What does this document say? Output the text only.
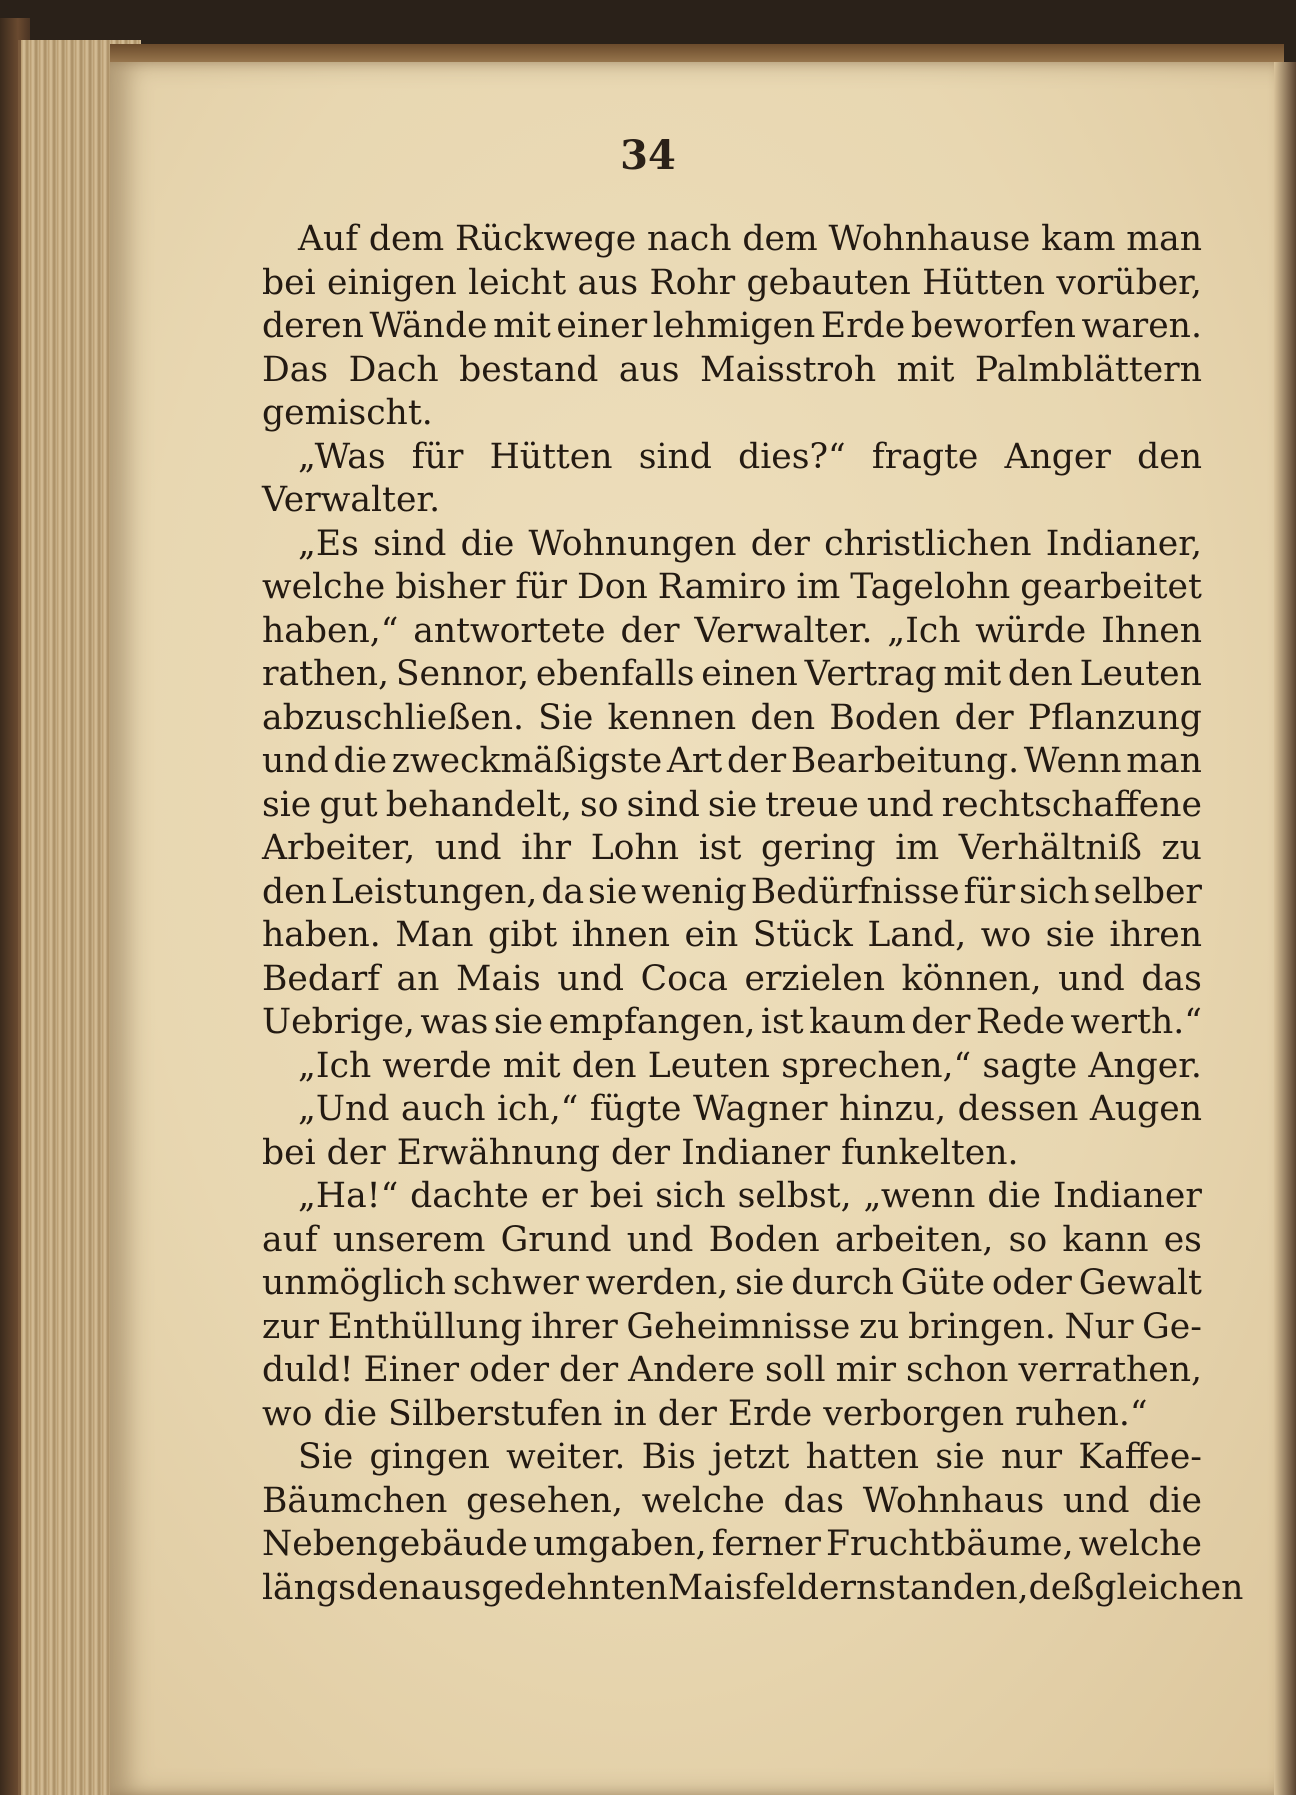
34
Auf dem Rückwege nach dem Wohnhause kam man
bei einigen leicht aus Rohr gebauten Hütten vorüber,
deren Wände mit einer lehmigen Erde beworfen waren.
Das Dach bestand aus Maisstroh mit Palmblättern
gemischt.
„Was für Hütten sind dies?“ fragte Anger den
Verwalter.
„Es sind die Wohnungen der christlichen Indianer,
welche bisher für Don Ramiro im Tagelohn gearbeitet
haben,“ antwortete der Verwalter. „Ich würde Ihnen
rathen, Sennor, ebenfalls einen Vertrag mit den Leuten
abzuschließen. Sie kennen den Boden der Pflanzung
und die zweckmäßigste Art der Bearbeitung. Wenn man
sie gut behandelt, so sind sie treue und rechtschaffene
Arbeiter, und ihr Lohn ist gering im Verhältniß zu
den Leistungen, da sie wenig Bedürfnisse für sich selber
haben. Man gibt ihnen ein Stück Land, wo sie ihren
Bedarf an Mais und Coca erzielen können, und das
Uebrige, was sie empfangen, ist kaum der Rede werth.“
„Ich werde mit den Leuten sprechen,“ sagte Anger.
„Und auch ich,“ fügte Wagner hinzu, dessen Augen
bei der Erwähnung der Indianer funkelten.
„Ha!“ dachte er bei sich selbst, „wenn die Indianer
auf unserem Grund und Boden arbeiten, so kann es
unmöglich schwer werden, sie durch Güte oder Gewalt
zur Enthüllung ihrer Geheimnisse zu bringen. Nur Ge-
duld! Einer oder der Andere soll mir schon verrathen,
wo die Silberstufen in der Erde verborgen ruhen.“
Sie gingen weiter. Bis jetzt hatten sie nur Kaffee-
Bäumchen gesehen, welche das Wohnhaus und die
Nebengebäude umgaben, ferner Fruchtbäume, welche
längs den ausgedehnten Maisfeldern standen, deßgleichen
